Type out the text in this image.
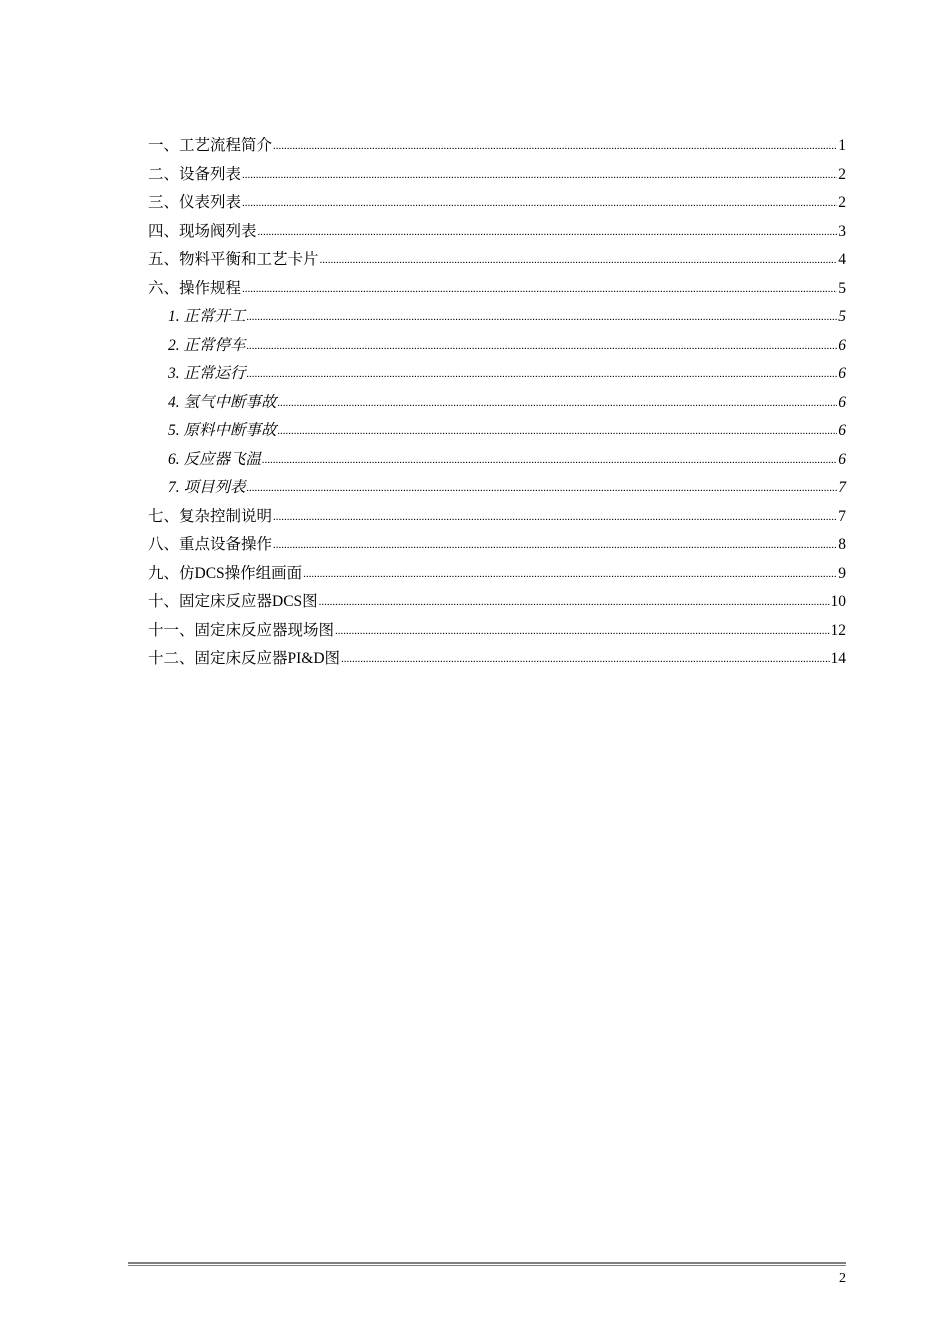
一、工艺流程简介 .....	1
二、设备列表 .....	2
三、仪表列表 .....	2
四、现场阀列表 .....	3
五、物料平衡和工艺卡片 .....	4
六、操作规程 .....	5
1. 正常开工 .....	5
2. 正常停车 .....	6
3. 正常运行 .....	6
4. 氢气中断事故 .....	6
5. 原料中断事故 .....	6
6. 反应器飞温 .....	6
7. 项目列表 .....	7
七、复杂控制说明 .....	7
八、重点设备操作 .....	8
九、仿DCS操作组画面 .....	9
十、固定床反应器DCS图 .....	10
十一、固定床反应器现场图 .....	12
十二、固定床反应器PI&D图 .....	14
2
